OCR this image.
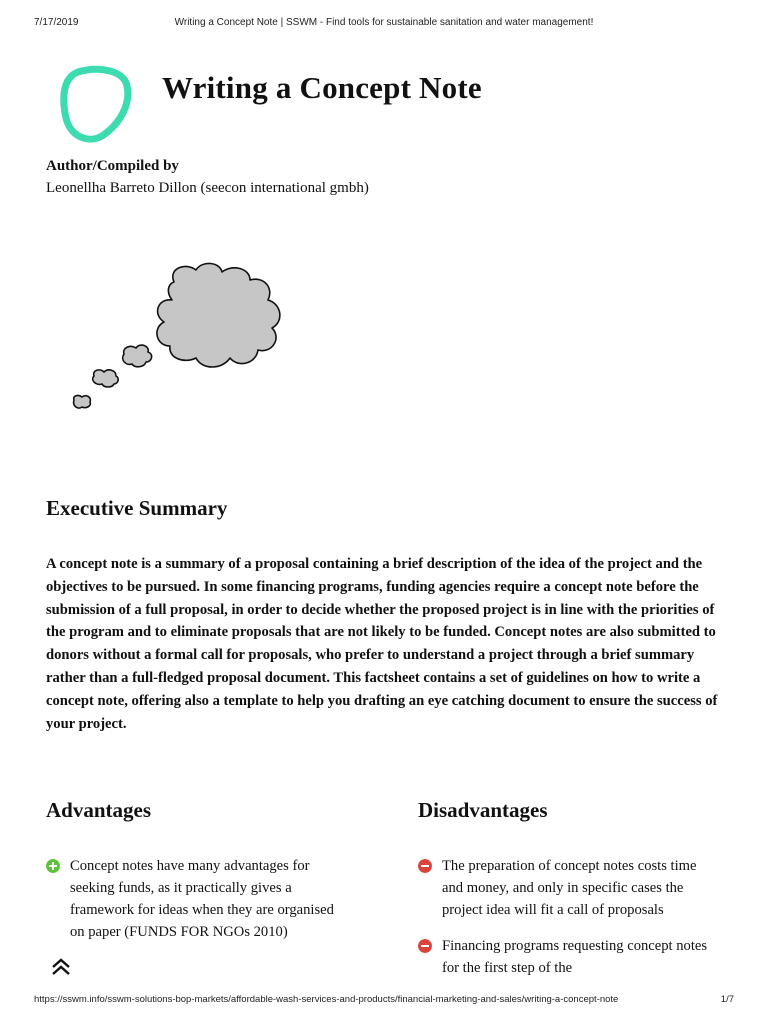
7/17/2019	Writing a Concept Note | SSWM - Find tools for sustainable sanitation and water management!
Writing a Concept Note
Author/Compiled by
Leonellha Barreto Dillon (seecon international gmbh)
Executive Summary

A concept note is a summary of a proposal containing a brief description of the idea of the project and the objectives to be pursued. In some financing programs, funding agencies require a concept note before the submission of a full proposal, in order to decide whether the proposed project is in line with the priorities of the program and to eliminate proposals that are not likely to be funded. Concept notes are also submitted to donors without a formal call for proposals, who prefer to understand a project through a brief summary rather than a full-fledged proposal document. This factsheet contains a set of guidelines on how to write a concept note, offering also a template to help you drafting an eye catching document to ensure the success of your project.

Advantages	Disadvantages
Concept notes have many advantages for seeking funds, as it practically gives a framework for ideas when they are organised on paper (FUNDS FOR NGOs 2010)
The preparation of concept notes costs time and money, and only in specific cases the project idea will fit a call of proposals
Financing programs requesting concept notes for the first step of the
https://sswm.info/sswm-solutions-bop-markets/affordable-wash-services-and-products/financial-marketing-and-sales/writing-a-concept-note	1/7
